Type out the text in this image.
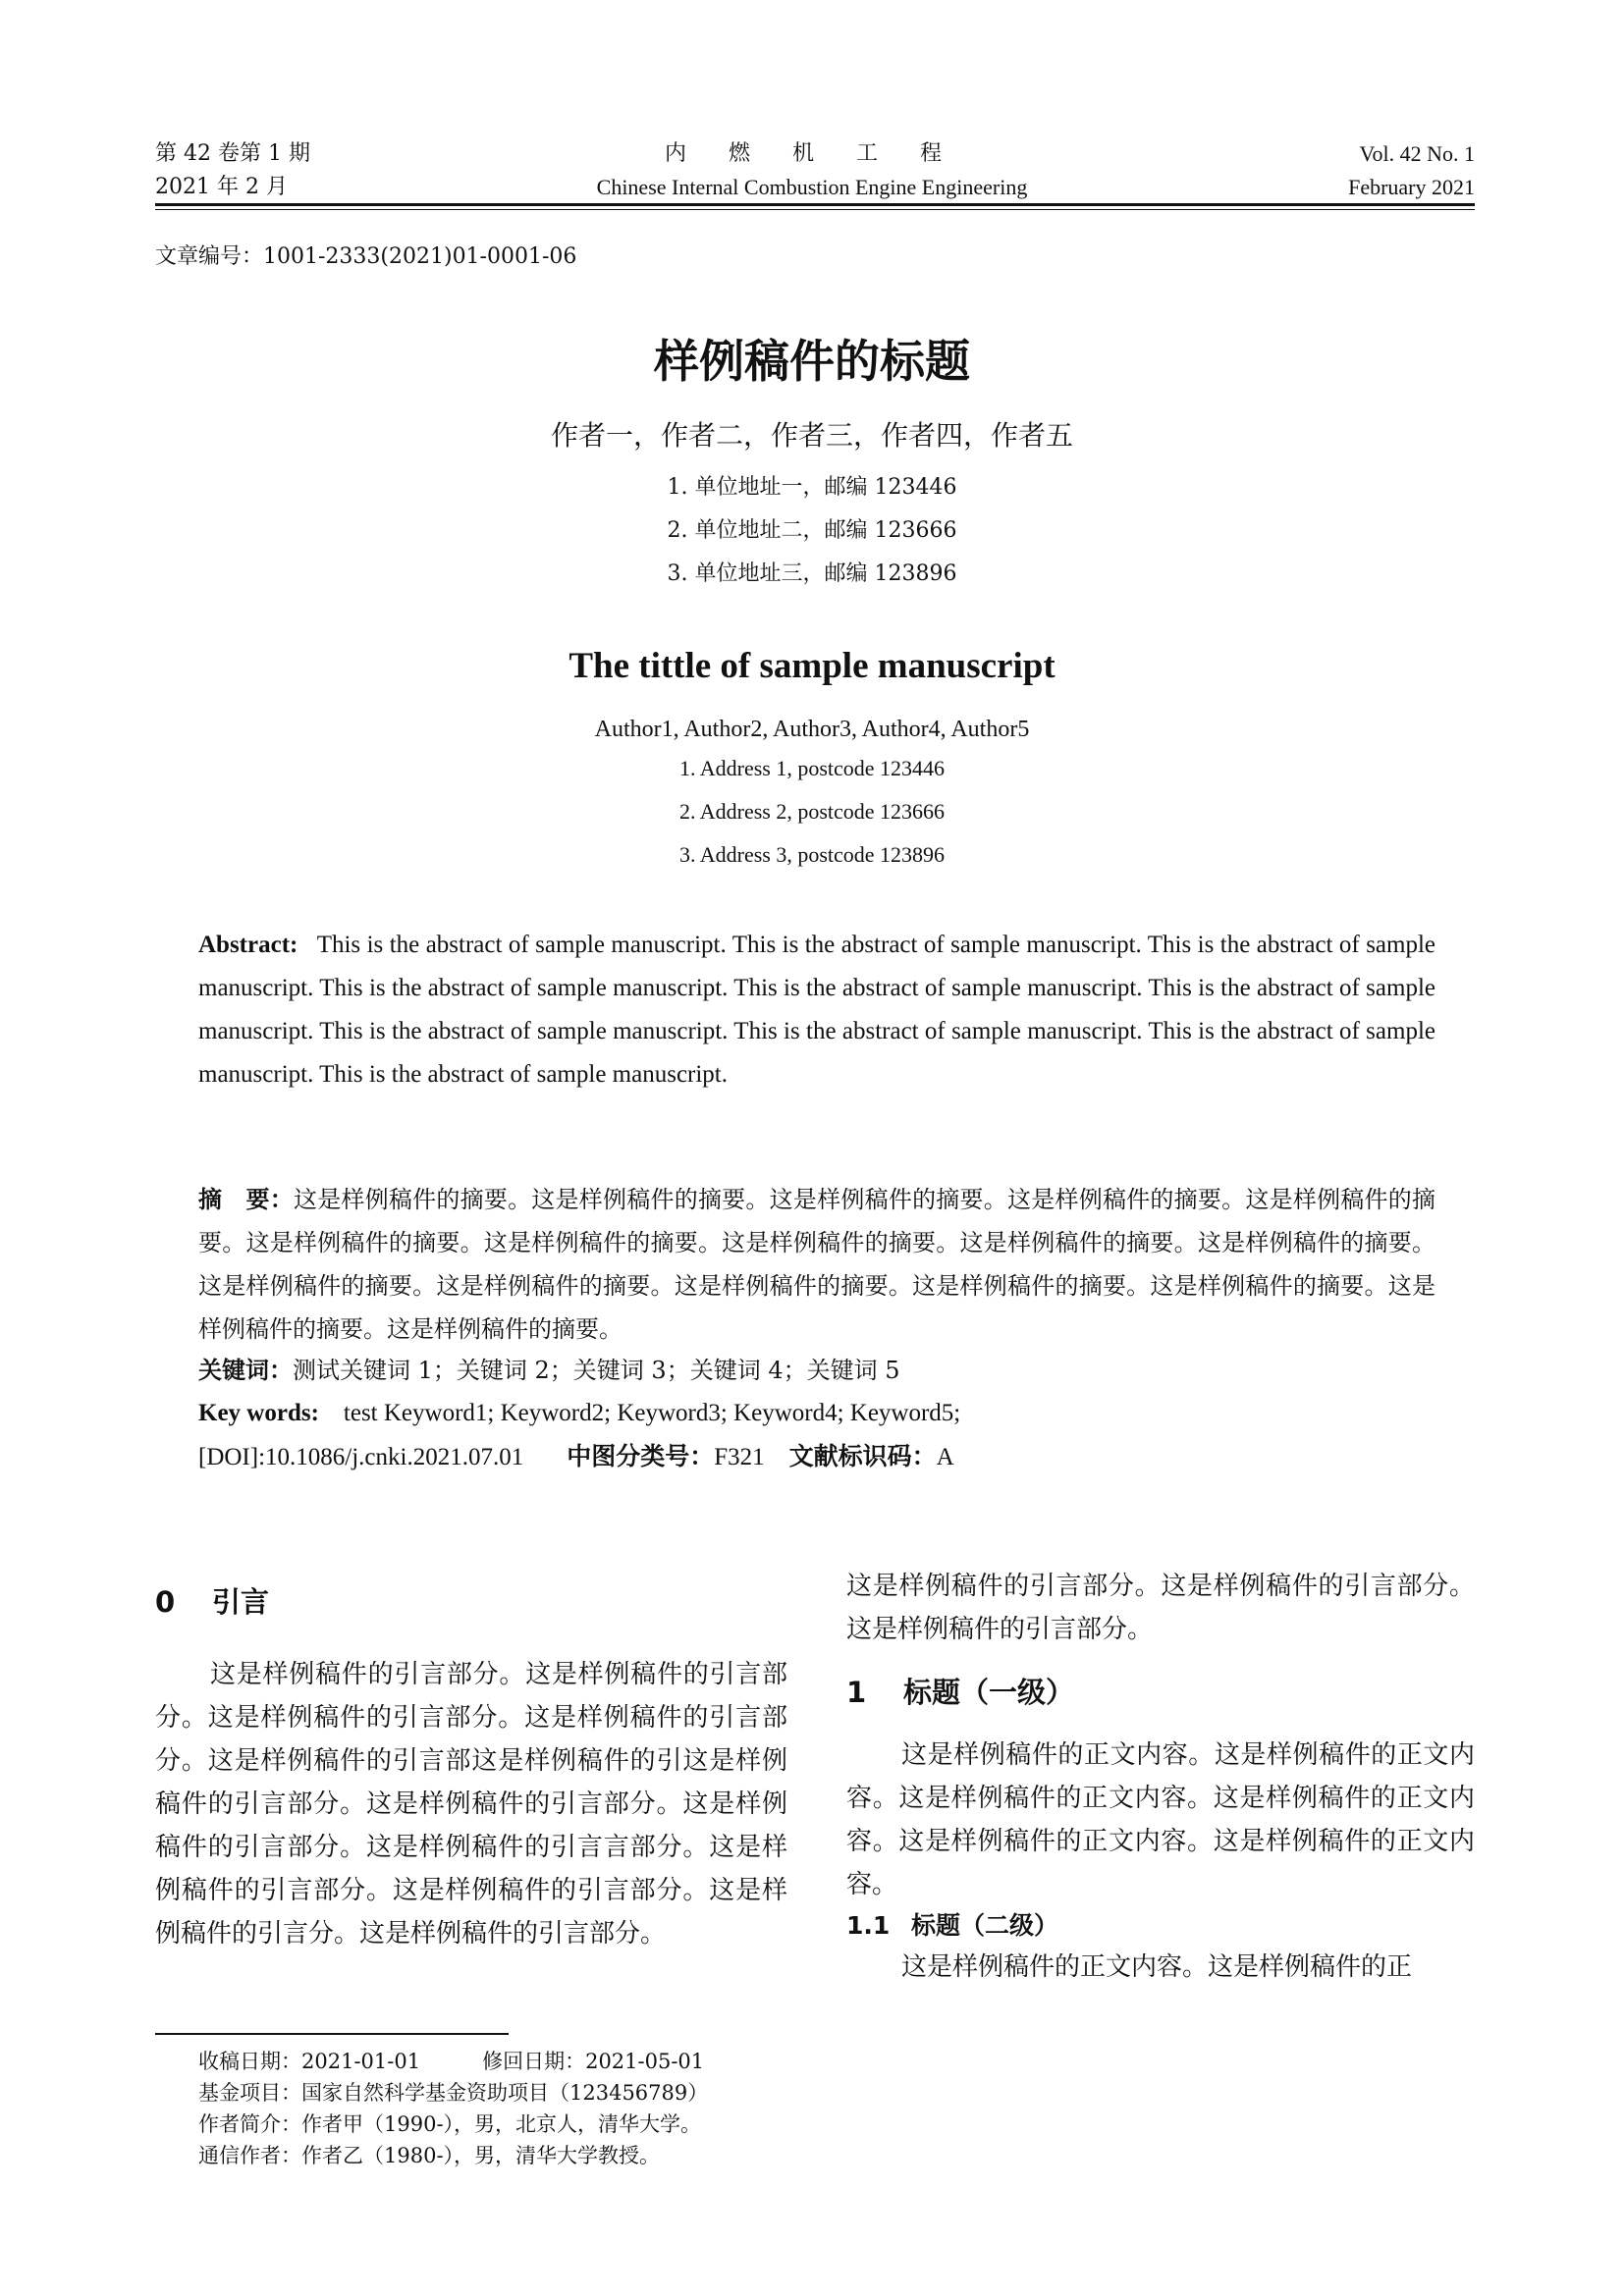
第 42 卷第 1 期
2021 年 2 月
内 燃 机 工 程
Chinese Internal Combustion Engine Engineering
Vol. 42 No. 1
February 2021
文章编号：1001-2333(2021)01-0001-06
样例稿件的标题
作者一，作者二，作者三，作者四，作者五
1. 单位地址一，邮编 123446
2. 单位地址二，邮编 123666
3. 单位地址三，邮编 123896
The tittle of sample manuscript
Author1, Author2, Author3, Author4, Author5
1. Address 1, postcode 123446
2. Address 2, postcode 123666
3. Address 3, postcode 123896
Abstract: This is the abstract of sample manuscript. This is the abstract of sample manuscript. This is the abstract of sample manuscript. This is the abstract of sample manuscript. This is the abstract of sample manuscript. This is the abstract of sample manuscript. This is the abstract of sample manuscript. This is the abstract of sample manuscript. This is the abstract of sample manuscript. This is the abstract of sample manuscript.
摘　要：这是样例稿件的摘要。这是样例稿件的摘要。这是样例稿件的摘要。这是样例稿件的摘要。这是样例稿件的摘要。这是样例稿件的摘要。这是样例稿件的摘要。这是样例稿件的摘要。这是样例稿件的摘要。这是样例稿件的摘要。这是样例稿件的摘要。这是样例稿件的摘要。这是样例稿件的摘要。这是样例稿件的摘要。这是样例稿件的摘要。这是样例稿件的摘要。这是样例稿件的摘要。
关键词：测试关键词 1；关键词 2；关键词 3；关键词 4；关键词 5
Key words: test Keyword1; Keyword2; Keyword3; Keyword4; Keyword5;
[DOI]:10.1086/j.cnki.2021.07.01 中图分类号：F321 文献标识码：A
0 引言
这是样例稿件的引言部分。这是样例稿件的引言部分。这是样例稿件的引言部分。这是样例稿件的引言部分。这是样例稿件的引言部这是样例稿件的引这是样例稿件的引言部分。这是样例稿件的引言部分。这是样例稿件的引言部分。这是样例稿件的引言言部分。这是样例稿件的引言部分。这是样例稿件的引言部分。这是样例稿件的引言分。这是样例稿件的引言部分。
这是样例稿件的引言部分。这是样例稿件的引言部分。这是样例稿件的引言部分。
1 标题（一级）
这是样例稿件的正文内容。这是样例稿件的正文内容。这是样例稿件的正文内容。这是样例稿件的正文内容。这是样例稿件的正文内容。这是样例稿件的正文内容。
1.1 标题（二级）
这是样例稿件的正文内容。这是样例稿件的正
收稿日期：2021-01-01　　　修回日期：2021-05-01
基金项目：国家自然科学基金资助项目（123456789）
作者简介：作者甲（1990-），男，北京人，清华大学。
通信作者：作者乙（1980-），男，清华大学教授。
